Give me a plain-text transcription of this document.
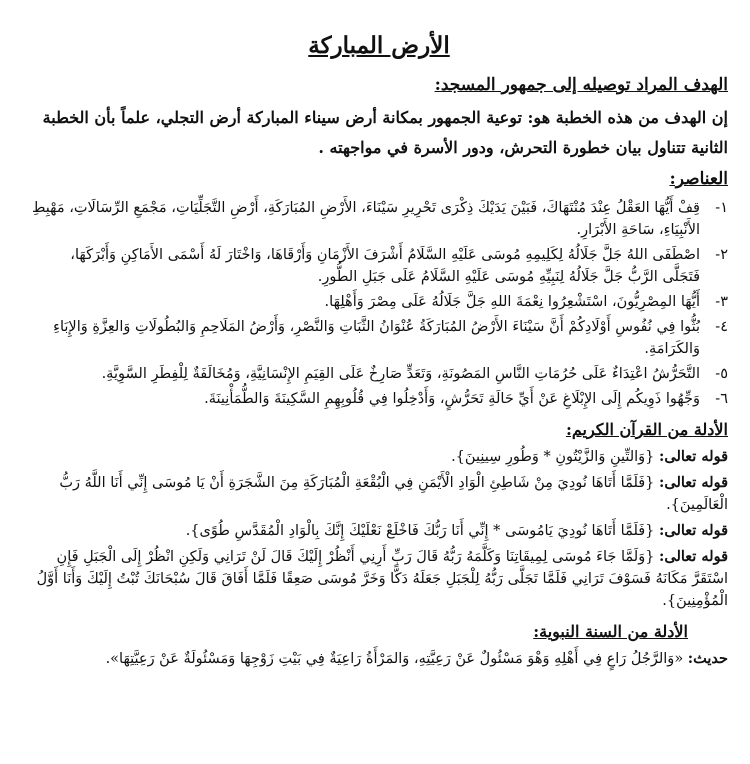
الأرض المباركة
الهدف المراد توصيله إلى جمهور المسجد:
إن الهدف من هذه الخطبة هو: توعية الجمهور بمكانة أرض سيناء المباركة أرض التجلي، علماً بأن الخطبة الثانية تتناول بيان خطورة التحرش، ودور الأسرة في مواجهته .
العناصر:
١-
قِفْ أَيُّهَا العَقْلُ عِنْدَ مُنْتَهَاكَ، فَبَيْنَ يَدَيْكَ ذِكْرَى تَحْرِيرِ سَيْنَاءَ، الأَرْضِ المُبَارَكَةِ، أَرْضِ التَّجَلِّيَاتِ، مَجْمَعِ الرِّسَالَاتِ، مَهْبِطِ الأَنْبِيَاءِ، سَاحَةِ الأَبْرَارِ.
٢-
اصْطَفَى اللهُ جَلَّ جَلَالُهُ لِكَلِيمِهِ مُوسَى عَلَيْهِ السَّلَامُ أَشْرَفَ الأَزْمَانِ وَأَرْقَاهَا، وَاخْتَارَ لَهُ أَسْمَى الأَمَاكِنِ وَأَبْرَكَهَا، فَتَجَلَّى الرَّبُّ جَلَّ جَلَالُهُ لِنَبِيِّهِ مُوسَى عَلَيْهِ السَّلَامُ عَلَى جَبَلِ الطُّورِ.
٣-
أَيُّهَا المِصْرِيُّونَ، اسْتَشْعِرُوا نِعْمَةَ اللهِ جَلَّ جَلَالُهُ عَلَى مِصْرَ وَأَهْلِهَا.
٤-
بُثُّوا فِي نُفُوسِ أَوْلَادِكُمْ أَنَّ سَيْنَاءَ الأَرْضُ المُبَارَكَةُ عُنْوَانُ الثَّبَاتِ وَالنَّصْرِ، وَأَرْضُ المَلَاحِمِ وَالبُطُولَاتِ وَالعِزَّةِ وَالإِبَاءِ وَالكَرَامَةِ.
٥-
التَّحَرُّشُ اعْتِدَاءٌ عَلَى حُرُمَاتِ النَّاسِ المَصُونَةِ، وَتَعَدٍّ صَارِخٌ عَلَى القِيَمِ الإِنْسَانِيَّةِ، وَمُخَالَفَةٌ لِلْفِطَرِ السَّوِيَّةِ.
٦-
وَجِّهُوا ذَوِيكُم إِلَى الإِبْلَاغِ عَنْ أَيِّ حَالَةِ تَحَرُّشٍ، وَأَدْخِلُوا فِي قُلُوبِهِمِ السَّكِينَةَ وَالطُّمَأْنِينَةَ.
الأدلة من القرآن الكريم:
قوله تعالى: {وَالتِّينِ وَالزَّيْتُونِ * وَطُورِ سِينِينَ}.
قوله تعالى: {فَلَمَّا أَتَاهَا نُودِيَ مِنْ شَاطِئِ الْوَادِ الْأَيْمَنِ فِي الْبُقْعَةِ الْمُبَارَكَةِ مِنَ الشَّجَرَةِ أَنْ يَا مُوسَى إِنِّي أَنَا اللَّهُ رَبُّ الْعَالَمِينَ}.
قوله تعالى: {فَلَمَّا أَتَاهَا نُودِيَ يَامُوسَى * إِنِّي أَنَا رَبُّكَ فَاخْلَعْ نَعْلَيْكَ إِنَّكَ بِالْوَادِ الْمُقَدَّسِ طُوًى}.
قوله تعالى: {وَلَمَّا جَاءَ مُوسَى لِمِيقَاتِنَا وَكَلَّمَهُ رَبُّهُ قَالَ رَبِّ أَرِنِي أَنْظُرْ إِلَيْكَ قَالَ لَنْ تَرَانِي وَلَكِنِ انْظُرْ إِلَى الْجَبَلِ فَإِنِ اسْتَقَرَّ مَكَانَهُ فَسَوْفَ تَرَانِي فَلَمَّا تَجَلَّى رَبُّهُ لِلْجَبَلِ جَعَلَهُ دَكًّا وَخَرَّ مُوسَى صَعِقًا فَلَمَّا أَفَاقَ قَالَ سُبْحَانَكَ تُبْتُ إِلَيْكَ وَأَنَا أَوَّلُ الْمُؤْمِنِينَ}.
الأدلة من السنة النبوية:
حديث: «وَالرَّجُلُ رَاعٍ فِي أَهْلِهِ وَهْوَ مَسْئُولٌ عَنْ رَعِيَّتِهِ، وَالمَرْأَةُ رَاعِيَةٌ فِي بَيْتِ زَوْجِهَا وَمَسْئُولَةٌ عَنْ رَعِيَّتِهَا».
